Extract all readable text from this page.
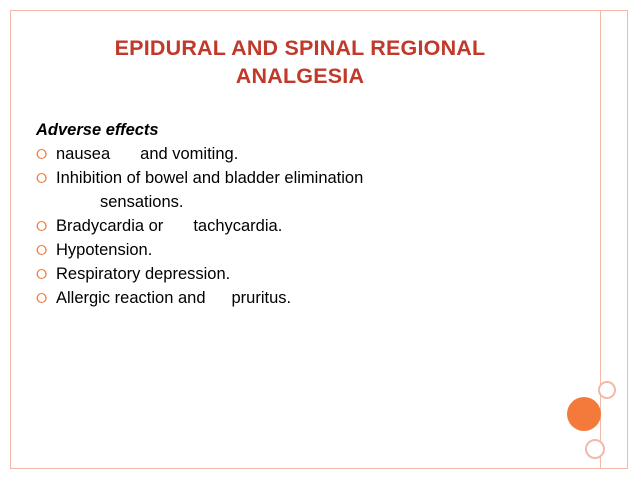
EPIDURAL AND SPINAL REGIONAL
ANALGESIA
Adverse effects
⭘ nausea and vomiting.
⭘ Inhibition of bowel and bladder elimination
sensations.
⭘ Bradycardia or tachycardia.
⭘ Hypotension.
⭘ Respiratory depression.
⭘ Allergic reaction and pruritus.
